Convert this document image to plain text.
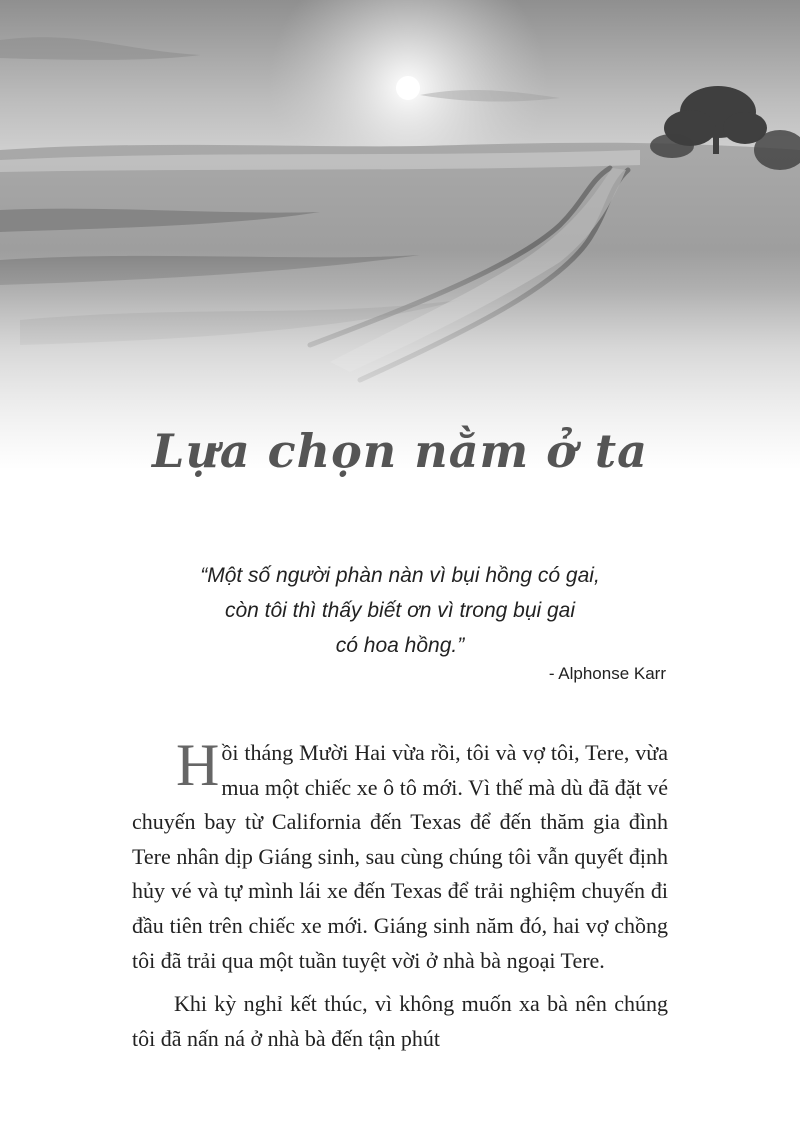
Lựa chọn nằm ở ta
“Một số người phàn nàn vì bụi hồng có gai,
còn tôi thì thấy biết ơn vì trong bụi gai
có hoa hồng.”
- Alphonse Karr

Hồi tháng Mười Hai vừa rồi, tôi và vợ tôi, Tere, vừa mua một chiếc xe ô tô mới. Vì thế mà dù đã đặt vé chuyến bay từ California đến Texas để đến thăm gia đình Tere nhân dịp Giáng sinh, sau cùng chúng tôi vẫn quyết định hủy vé và tự mình lái xe đến Texas để trải nghiệm chuyến đi đầu tiên trên chiếc xe mới. Giáng sinh năm đó, hai vợ chồng tôi đã trải qua một tuần tuyệt vời ở nhà bà ngoại Tere.

Khi kỳ nghỉ kết thúc, vì không muốn xa bà nên chúng tôi đã nấn ná ở nhà bà đến tận phút
